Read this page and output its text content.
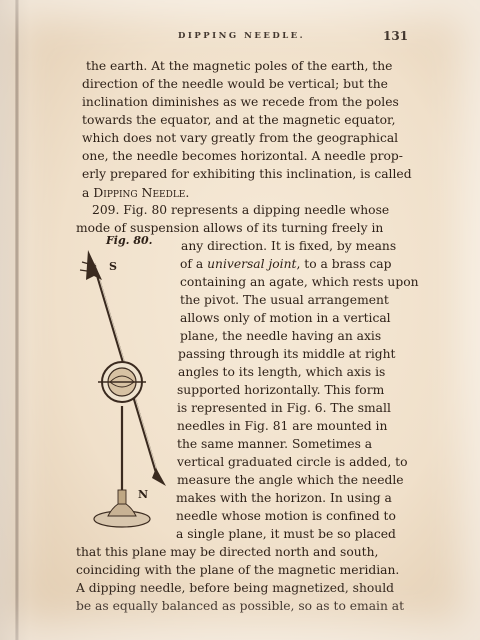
DIPPING NEEDLE.	131
the earth. At the magnetic poles of the earth, the
direction of the needle would be vertical; but the
inclination diminishes as we recede from the poles
towards the equator, and at the magnetic equator,
which does not vary greatly from the geographical
one, the needle becomes horizontal. A needle prop-
erly prepared for exhibiting this inclination, is called
a Dipping Needle.
209. Fig. 80 represents a dipping needle whose
mode of suspension allows of its turning freely in
any direction. It is fixed, by means
of a universal joint, to a brass cap
containing an agate, which rests upon
the pivot. The usual arrangement
allows only of motion in a vertical
plane, the needle having an axis
passing through its middle at right
angles to its length, which axis is
supported horizontally. This form
is represented in Fig. 6. The small
needles in Fig. 81 are mounted in
the same manner. Sometimes a
vertical graduated circle is added, to
measure the angle which the needle
makes with the horizon. In using a
needle whose motion is confined to
a single plane, it must be so placed
that this plane may be directed north and south,
coinciding with the plane of the magnetic meridian.
A dipping needle, before being magnetized, should
be as equally balanced as possible, so as to emain at
Fig. 80.
S
N
